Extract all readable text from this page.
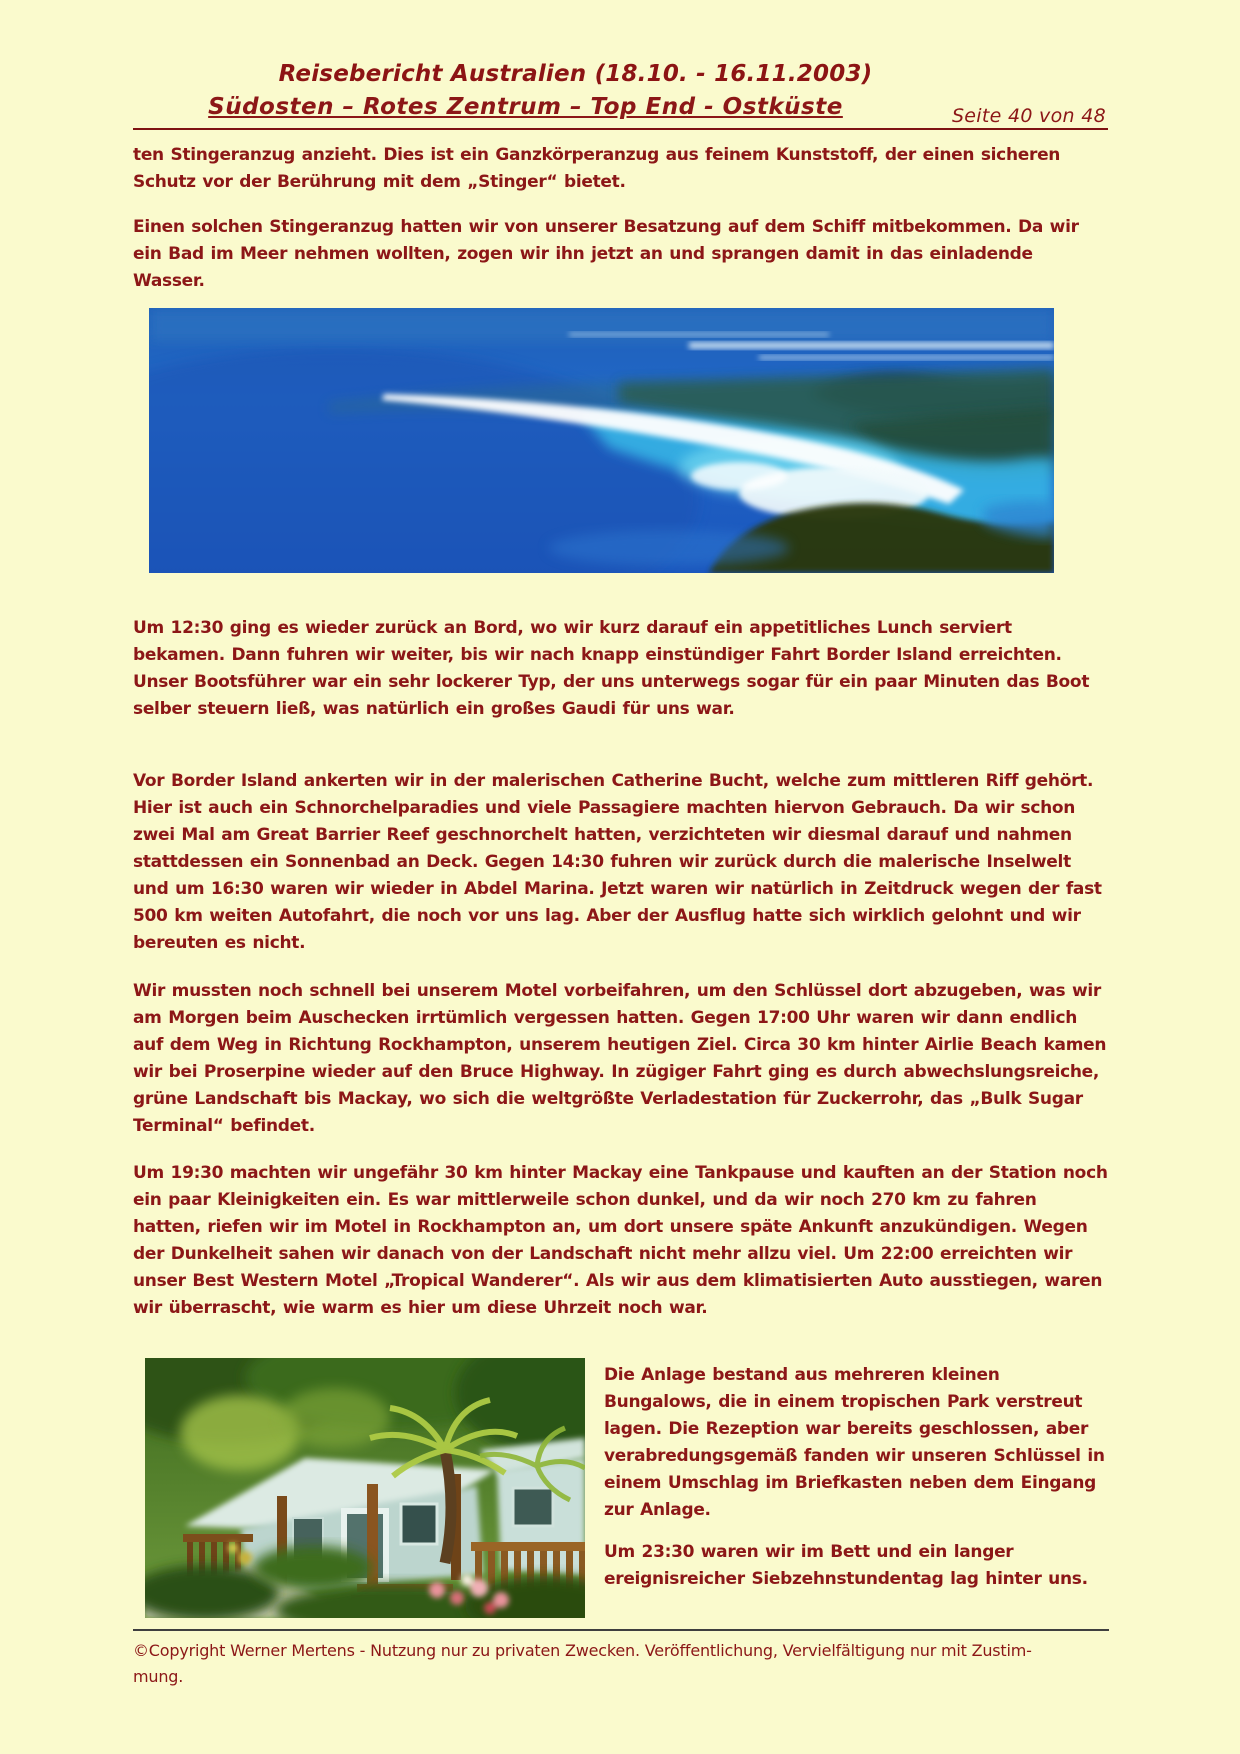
Reisebericht Australien (18.10. - 16.11.2003)
Südosten – Rotes Zentrum – Top End - Ostküste	Seite 40 von 48

ten Stingeranzug anzieht. Dies ist ein Ganzkörperanzug aus feinem Kunststoff, der einen sicheren Schutz vor der Berührung mit dem „Stinger“ bietet.

Einen solchen Stingeranzug hatten wir von unserer Besatzung auf dem Schiff mitbekommen. Da wir ein Bad im Meer nehmen wollten, zogen wir ihn jetzt an und sprangen damit in das einladende Wasser.

Um 12:30 ging es wieder zurück an Bord, wo wir kurz darauf ein appetitliches Lunch serviert bekamen. Dann fuhren wir weiter, bis wir nach knapp einstündiger Fahrt Border Island erreichten. Unser Bootsführer war ein sehr lockerer Typ, der uns unterwegs sogar für ein paar Minuten das Boot selber steuern ließ, was natürlich ein großes Gaudi für uns war.

Vor Border Island ankerten wir in der malerischen Catherine Bucht, welche zum mittleren Riff gehört. Hier ist auch ein Schnorchelparadies und viele Passagiere machten hiervon Gebrauch. Da wir schon zwei Mal am Great Barrier Reef geschnorchelt hatten, verzichteten wir diesmal darauf und nahmen stattdessen ein Sonnenbad an Deck. Gegen 14:30 fuhren wir zurück durch die malerische Inselwelt und um 16:30 waren wir wieder in Abdel Marina. Jetzt waren wir natürlich in Zeitdruck wegen der fast 500 km weiten Autofahrt, die noch vor uns lag. Aber der Ausflug hatte sich wirklich gelohnt und wir bereuten es nicht.

Wir mussten noch schnell bei unserem Motel vorbeifahren, um den Schlüssel dort abzugeben, was wir am Morgen beim Auschecken irrtümlich vergessen hatten. Gegen 17:00 Uhr waren wir dann endlich auf dem Weg in Richtung Rockhampton, unserem heutigen Ziel. Circa 30 km hinter Airlie Beach kamen wir bei Proserpine wieder auf den Bruce Highway. In zügiger Fahrt ging es durch abwechslungsreiche, grüne Landschaft bis Mackay, wo sich die weltgrößte Verladestation für Zuckerrohr, das „Bulk Sugar Terminal“ befindet.

Um 19:30 machten wir ungefähr 30 km hinter Mackay eine Tankpause und kauften an der Station noch ein paar Kleinigkeiten ein. Es war mittlerweile schon dunkel, und da wir noch 270 km zu fahren hatten, riefen wir im Motel in Rockhampton an, um dort unsere späte Ankunft anzukündigen. Wegen der Dunkelheit sahen wir danach von der Landschaft nicht mehr allzu viel. Um 22:00 erreichten wir unser Best Western Motel „Tropical Wanderer“. Als wir aus dem klimatisierten Auto ausstiegen, waren wir überrascht, wie warm es hier um diese Uhrzeit noch war.

Die Anlage bestand aus mehreren kleinen Bungalows, die in einem tropischen Park verstreut lagen. Die Rezeption war bereits geschlossen, aber verabredungsgemäß fanden wir unseren Schlüssel in einem Umschlag im Briefkasten neben dem Eingang zur Anlage.

Um 23:30 waren wir im Bett und ein langer ereignisreicher Siebzehnstundentag lag hinter uns.

©Copyright Werner Mertens - Nutzung nur zu privaten Zwecken. Veröffentlichung, Vervielfältigung nur mit Zustim-
mung.
